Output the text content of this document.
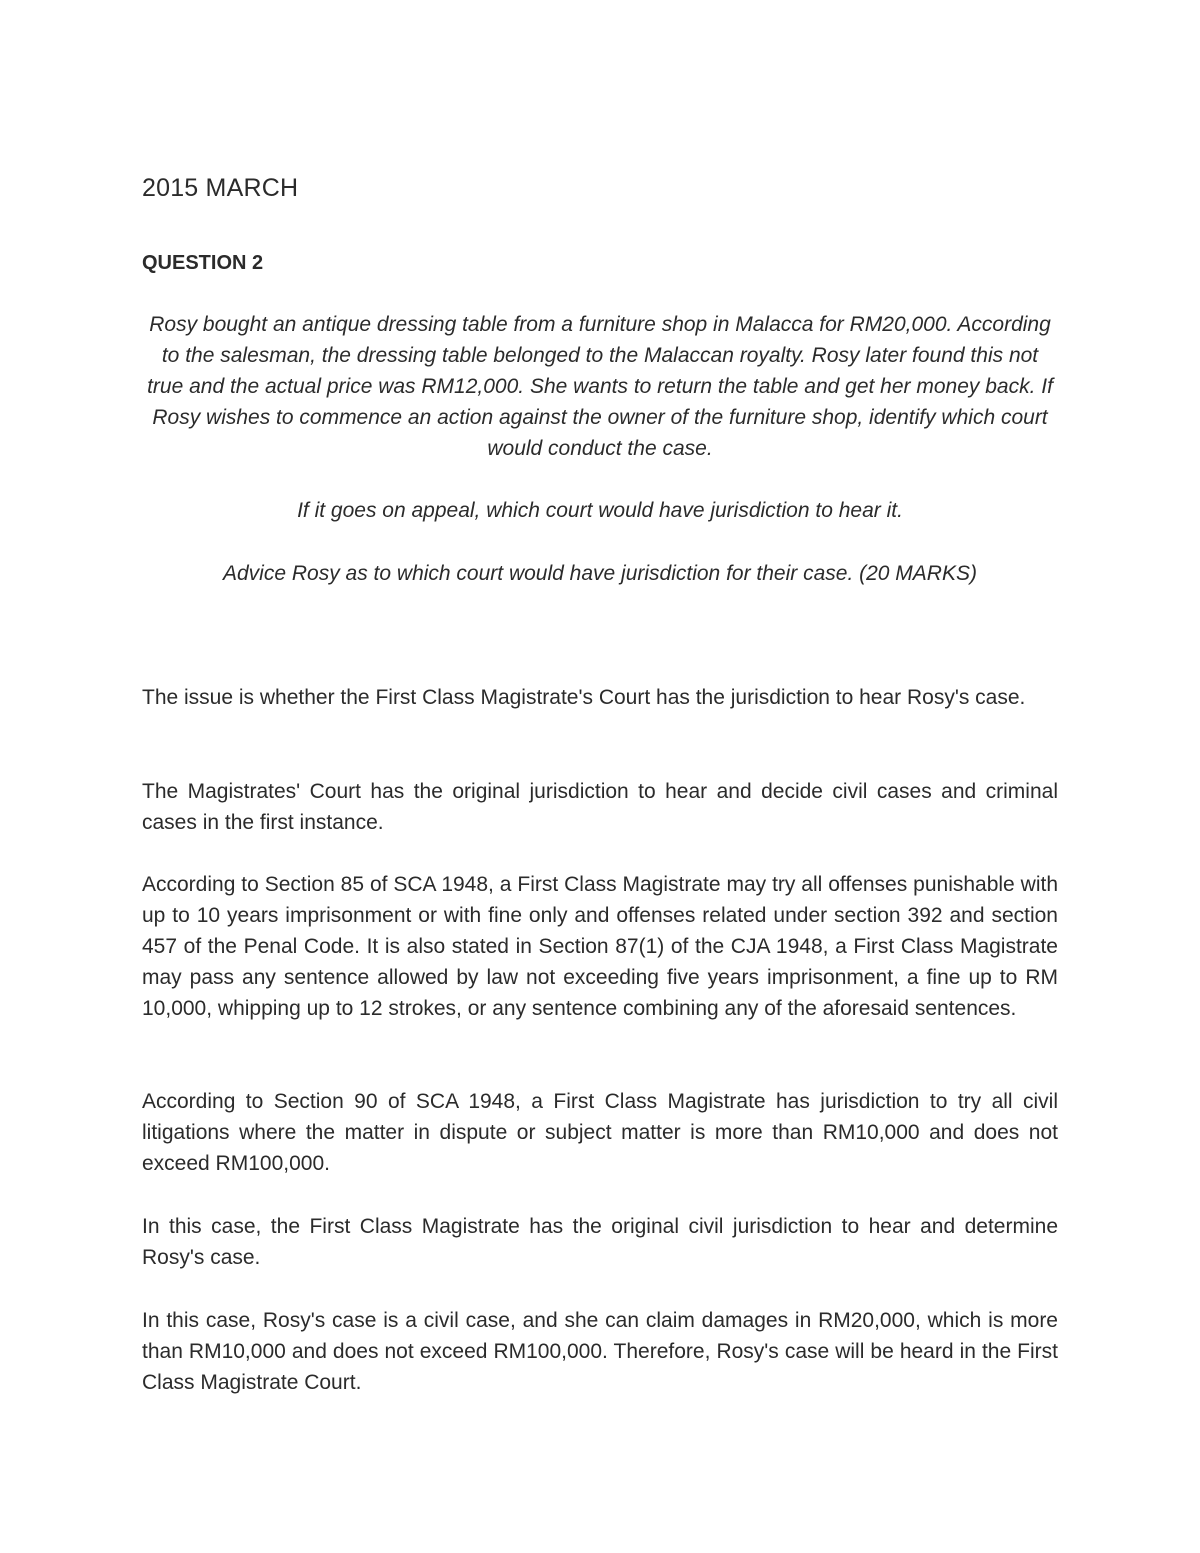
2015 MARCH
QUESTION 2

Rosy bought an antique dressing table from a furniture shop in Malacca for RM20,000. According to the salesman, the dressing table belonged to the Malaccan royalty. Rosy later found this not true and the actual price was RM12,000. She wants to return the table and get her money back. If Rosy wishes to commence an action against the owner of the furniture shop, identify which court would conduct the case.

If it goes on appeal, which court would have jurisdiction to hear it.

Advice Rosy as to which court would have jurisdiction for their case. (20 MARKS)

The issue is whether the First Class Magistrate's Court has the jurisdiction to hear Rosy's case.

The Magistrates' Court has the original jurisdiction to hear and decide civil cases and criminal cases in the first instance.

According to Section 85 of SCA 1948, a First Class Magistrate may try all offenses punishable with up to 10 years imprisonment or with fine only and offenses related under section 392 and section 457 of the Penal Code. It is also stated in Section 87(1) of the CJA 1948, a First Class Magistrate may pass any sentence allowed by law not exceeding five years imprisonment, a fine up to RM 10,000, whipping up to 12 strokes, or any sentence combining any of the aforesaid sentences.

According to Section 90 of SCA 1948, a First Class Magistrate has jurisdiction to try all civil litigations where the matter in dispute or subject matter is more than RM10,000 and does not exceed RM100,000.

In this case, the First Class Magistrate has the original civil jurisdiction to hear and determine Rosy's case.

In this case, Rosy's case is a civil case, and she can claim damages in RM20,000, which is more than RM10,000 and does not exceed RM100,000. Therefore, Rosy's case will be heard in the First Class Magistrate Court.
